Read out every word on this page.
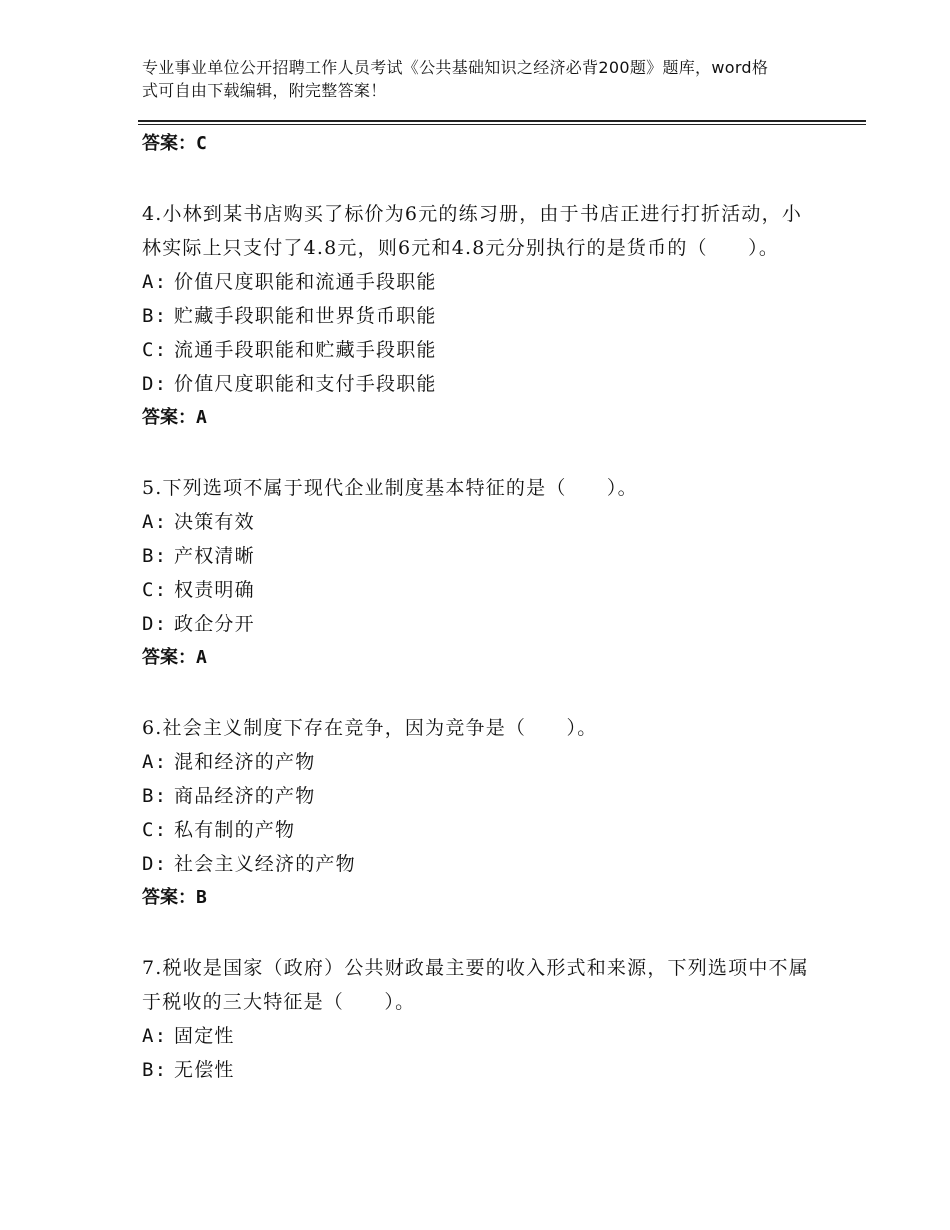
专业事业单位公开招聘工作人员考试《公共基础知识之经济必背200题》题库，word格式可自由下载编辑，附完整答案！
答案：C
4.小林到某书店购买了标价为6元的练习册，由于书店正进行打折活动，小林实际上只支付了4.8元，则6元和4.8元分别执行的是货币的（　　）。
A: 价值尺度职能和流通手段职能
B: 贮藏手段职能和世界货币职能
C: 流通手段职能和贮藏手段职能
D: 价值尺度职能和支付手段职能
答案：A
5.下列选项不属于现代企业制度基本特征的是（　　）。
A: 决策有效
B: 产权清晰
C: 权责明确
D: 政企分开
答案：A
6.社会主义制度下存在竞争，因为竞争是（　　）。
A: 混和经济的产物
B: 商品经济的产物
C: 私有制的产物
D: 社会主义经济的产物
答案：B
7.税收是国家（政府）公共财政最主要的收入形式和来源，下列选项中不属于税收的三大特征是（　　）。
A: 固定性
B: 无偿性
